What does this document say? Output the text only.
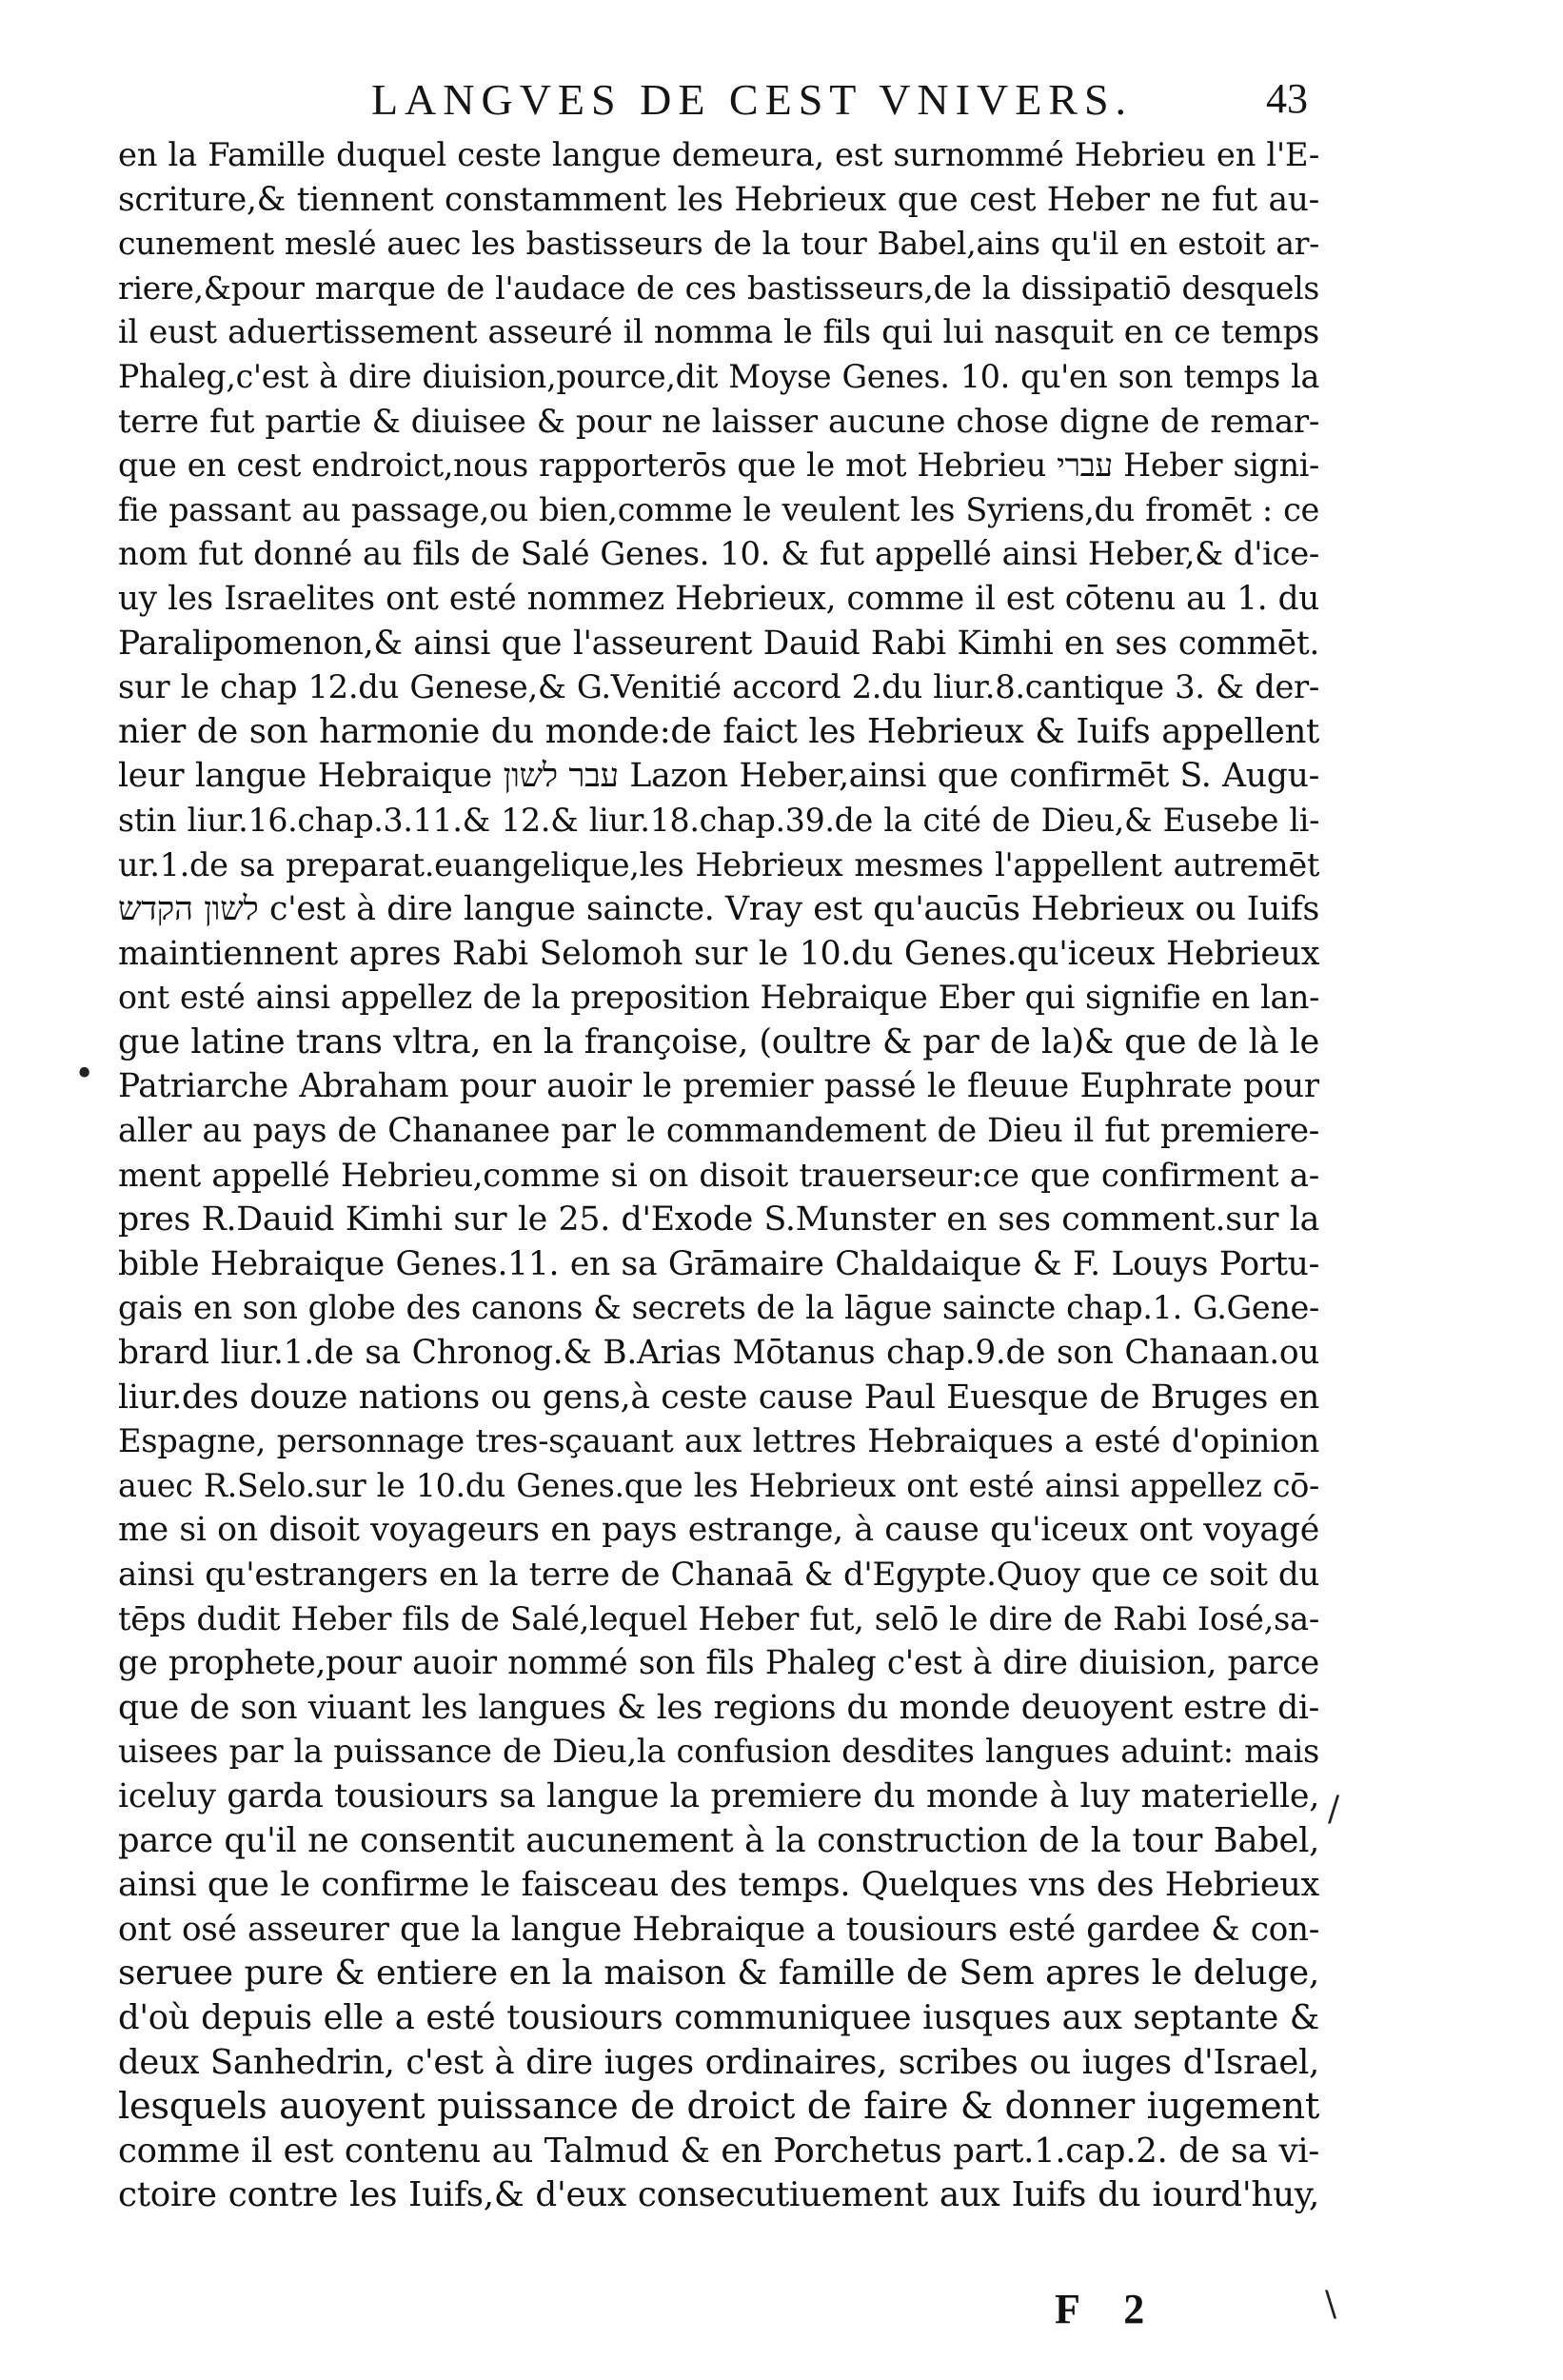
LANGVES DE CEST VNIVERS.	43
en la Famille duquel ceste langue demeura, est surnommé Hebrieu en l'E-
scriture,& tiennent constamment les Hebrieux que cest Heber ne fut au-
cunement meslé auec les bastisseurs de la tour Babel,ains qu'il en estoit ar-
riere,&pour marque de l'audace de ces bastisseurs,de la dissipatiō desquels
il eust aduertissement asseuré il nomma le fils qui lui nasquit en ce temps
Phaleg,c'est à dire diuision,pource,dit Moyse Genes. 10. qu'en son temps la
terre fut partie & diuisee & pour ne laisser aucune chose digne de remar-
que en cest endroict,nous rapporterōs que le mot Hebrieu עברי Heber signi-
fie passant au passage,ou bien,comme le veulent les Syriens,du fromēt : ce
nom fut donné au fils de Salé Genes. 10. & fut appellé ainsi Heber,& d'ice-
uy les Israelites ont esté nommez Hebrieux, comme il est cōtenu au 1. du
Paralipomenon,& ainsi que l'asseurent Dauid Rabi Kimhi en ses commēt.
sur le chap 12.du Genese,& G.Venitié accord 2.du liur.8.cantique 3. & der-
nier de son harmonie du monde:de faict les Hebrieux & Iuifs appellent
leur langue Hebraique עבר לשון Lazon Heber,ainsi que confirmēt S. Augu-
stin liur.16.chap.3.11.& 12.& liur.18.chap.39.de la cité de Dieu,& Eusebe li-
ur.1.de sa preparat.euangelique,les Hebrieux mesmes l'appellent autremēt
לשון הקדש c'est à dire langue saincte. Vray est qu'aucūs Hebrieux ou Iuifs
maintiennent apres Rabi Selomoh sur le 10.du Genes.qu'iceux Hebrieux
ont esté ainsi appellez de la preposition Hebraique Eber qui signifie en lan-
gue latine trans vltra, en la françoise, (oultre & par de la)& que de là le
Patriarche Abraham pour auoir le premier passé le fleuue Euphrate pour
aller au pays de Chananee par le commandement de Dieu il fut premiere-
ment appellé Hebrieu,comme si on disoit trauerseur:ce que confirment a-
pres R.Dauid Kimhi sur le 25. d'Exode S.Munster en ses comment.sur la
bible Hebraique Genes.11. en sa Grāmaire Chaldaique & F. Louys Portu-
gais en son globe des canons & secrets de la lāgue saincte chap.1. G.Gene-
brard liur.1.de sa Chronog.& B.Arias Mōtanus chap.9.de son Chanaan.ou
liur.des douze nations ou gens,à ceste cause Paul Euesque de Bruges en
Espagne, personnage tres-sçauant aux lettres Hebraiques a esté d'opinion
auec R.Selo.sur le 10.du Genes.que les Hebrieux ont esté ainsi appellez cō-
me si on disoit voyageurs en pays estrange, à cause qu'iceux ont voyagé
ainsi qu'estrangers en la terre de Chanaā & d'Egypte.Quoy que ce soit du
tēps dudit Heber fils de Salé,lequel Heber fut, selō le dire de Rabi Iosé,sa-
ge prophete,pour auoir nommé son fils Phaleg c'est à dire diuision, parce
que de son viuant les langues & les regions du monde deuoyent estre di-
uisees par la puissance de Dieu,la confusion desdites langues aduint: mais
iceluy garda tousiours sa langue la premiere du monde à luy materielle,
parce qu'il ne consentit aucunement à la construction de la tour Babel,
ainsi que le confirme le faisceau des temps. Quelques vns des Hebrieux
ont osé asseurer que la langue Hebraique a tousiours esté gardee & con-
seruee pure & entiere en la maison & famille de Sem apres le deluge,
d'où depuis elle a esté tousiours communiquee iusques aux septante &
deux Sanhedrin, c'est à dire iuges ordinaires, scribes ou iuges d'Israel,
lesquels auoyent puissance de droict de faire & donner iugement
comme il est contenu au Talmud & en Porchetus part.1.cap.2. de sa vi-
ctoire contre les Iuifs,& d'eux consecutiuement aux Iuifs du iourd'huy,
•
/
\
F 2
